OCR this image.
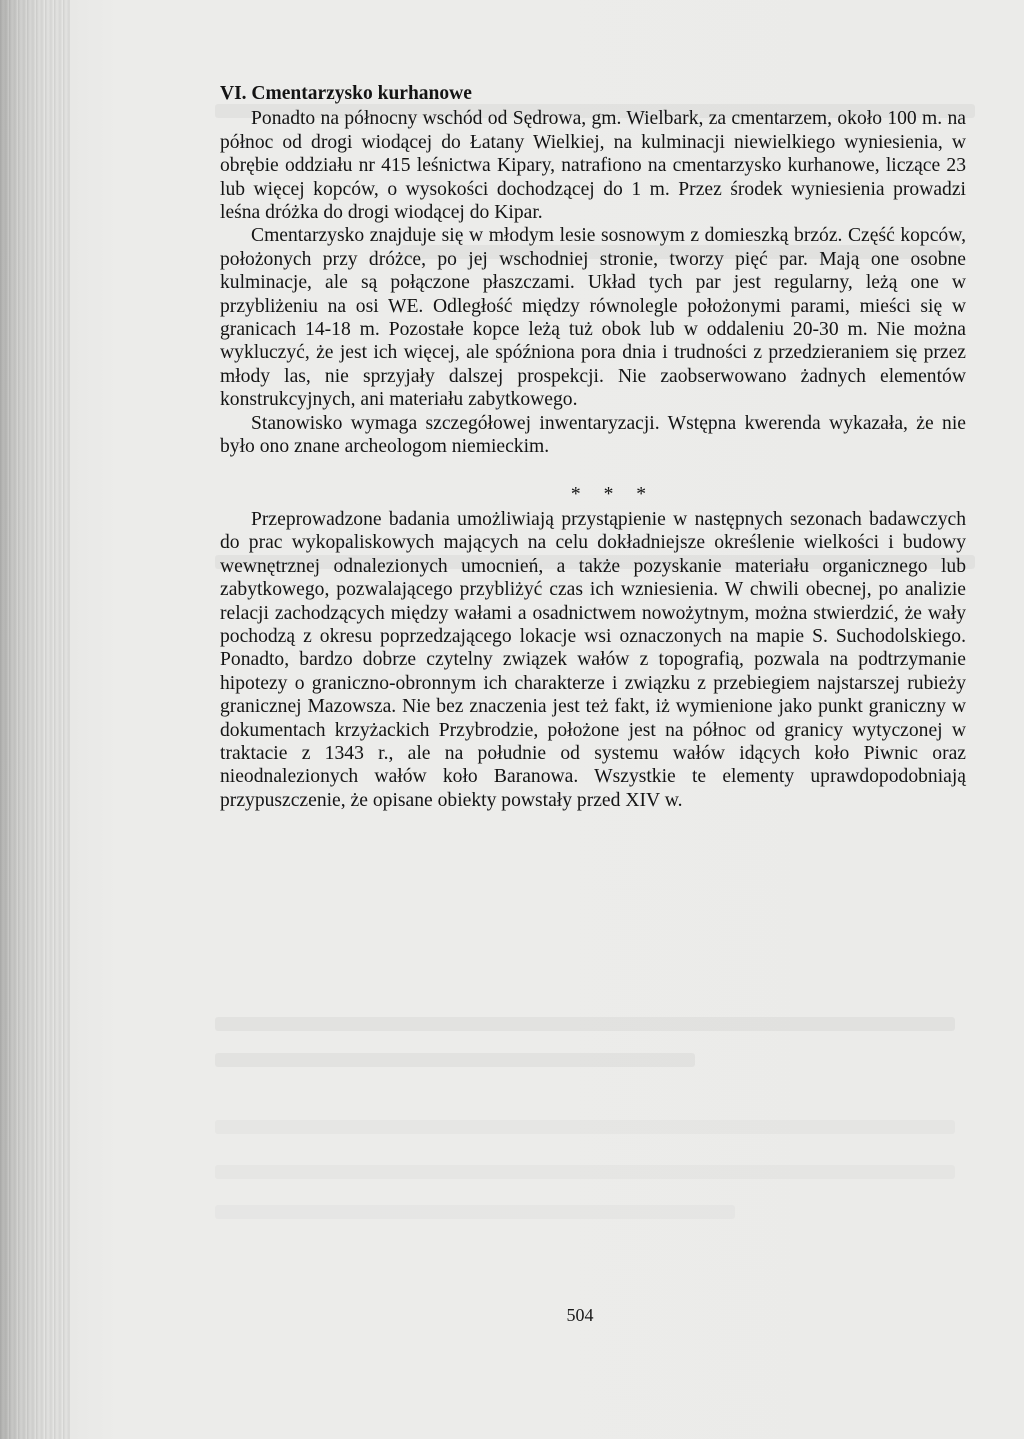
VI. Cmentarzysko kurhanowe

Ponadto na północny wschód od Sędrowa, gm. Wielbark, za cmentarzem, około 100 m. na północ od drogi wiodącej do Łatany Wielkiej, na kulminacji niewielkiego wyniesienia, w obrębie oddziału nr 415 leśnictwa Kipary, natrafiono na cmentarzysko kurhanowe, liczące 23 lub więcej kopców, o wysokości dochodzącej do 1 m. Przez środek wyniesienia prowadzi leśna dróżka do drogi wiodącej do Kipar.

Cmentarzysko znajduje się w młodym lesie sosnowym z domieszką brzóz. Część kopców, położonych przy dróżce, po jej wschodniej stronie, tworzy pięć par. Mają one osobne kulminacje, ale są połączone płaszczami. Układ tych par jest regularny, leżą one w przybliżeniu na osi WE. Odległość między równolegle położonymi parami, mieści się w granicach 14-18 m. Pozostałe kopce leżą tuż obok lub w oddaleniu 20-30 m. Nie można wykluczyć, że jest ich więcej, ale spóźniona pora dnia i trudności z przedzieraniem się przez młody las, nie sprzyjały dalszej prospekcji. Nie zaobserwowano żadnych elementów konstrukcyjnych, ani materiału zabytkowego.

Stanowisko wymaga szczegółowej inwentaryzacji. Wstępna kwerenda wykazała, że nie było ono znane archeologom niemieckim.

* * *

Przeprowadzone badania umożliwiają przystąpienie w następnych sezonach badawczych do prac wykopaliskowych mających na celu dokładniejsze określenie wielkości i budowy wewnętrznej odnalezionych umocnień, a także pozyskanie materiału organicznego lub zabytkowego, pozwalającego przybliżyć czas ich wzniesienia. W chwili obecnej, po analizie relacji zachodzących między wałami a osadnictwem nowożytnym, można stwierdzić, że wały pochodzą z okresu poprzedzającego lokacje wsi oznaczonych na mapie S. Suchodolskiego. Ponadto, bardzo dobrze czytelny związek wałów z topografią, pozwala na podtrzymanie hipotezy o graniczno-obronnym ich charakterze i związku z przebiegiem najstarszej rubieży granicznej Mazowsza. Nie bez znaczenia jest też fakt, iż wymienione jako punkt graniczny w dokumentach krzyżackich Przybrodzie, położone jest na północ od granicy wytyczonej w traktacie z 1343 r., ale na południe od systemu wałów idących koło Piwnic oraz nieodnalezionych wałów koło Baranowa. Wszystkie te elementy uprawdopodobniają przypuszczenie, że opisane obiekty powstały przed XIV w.

504
